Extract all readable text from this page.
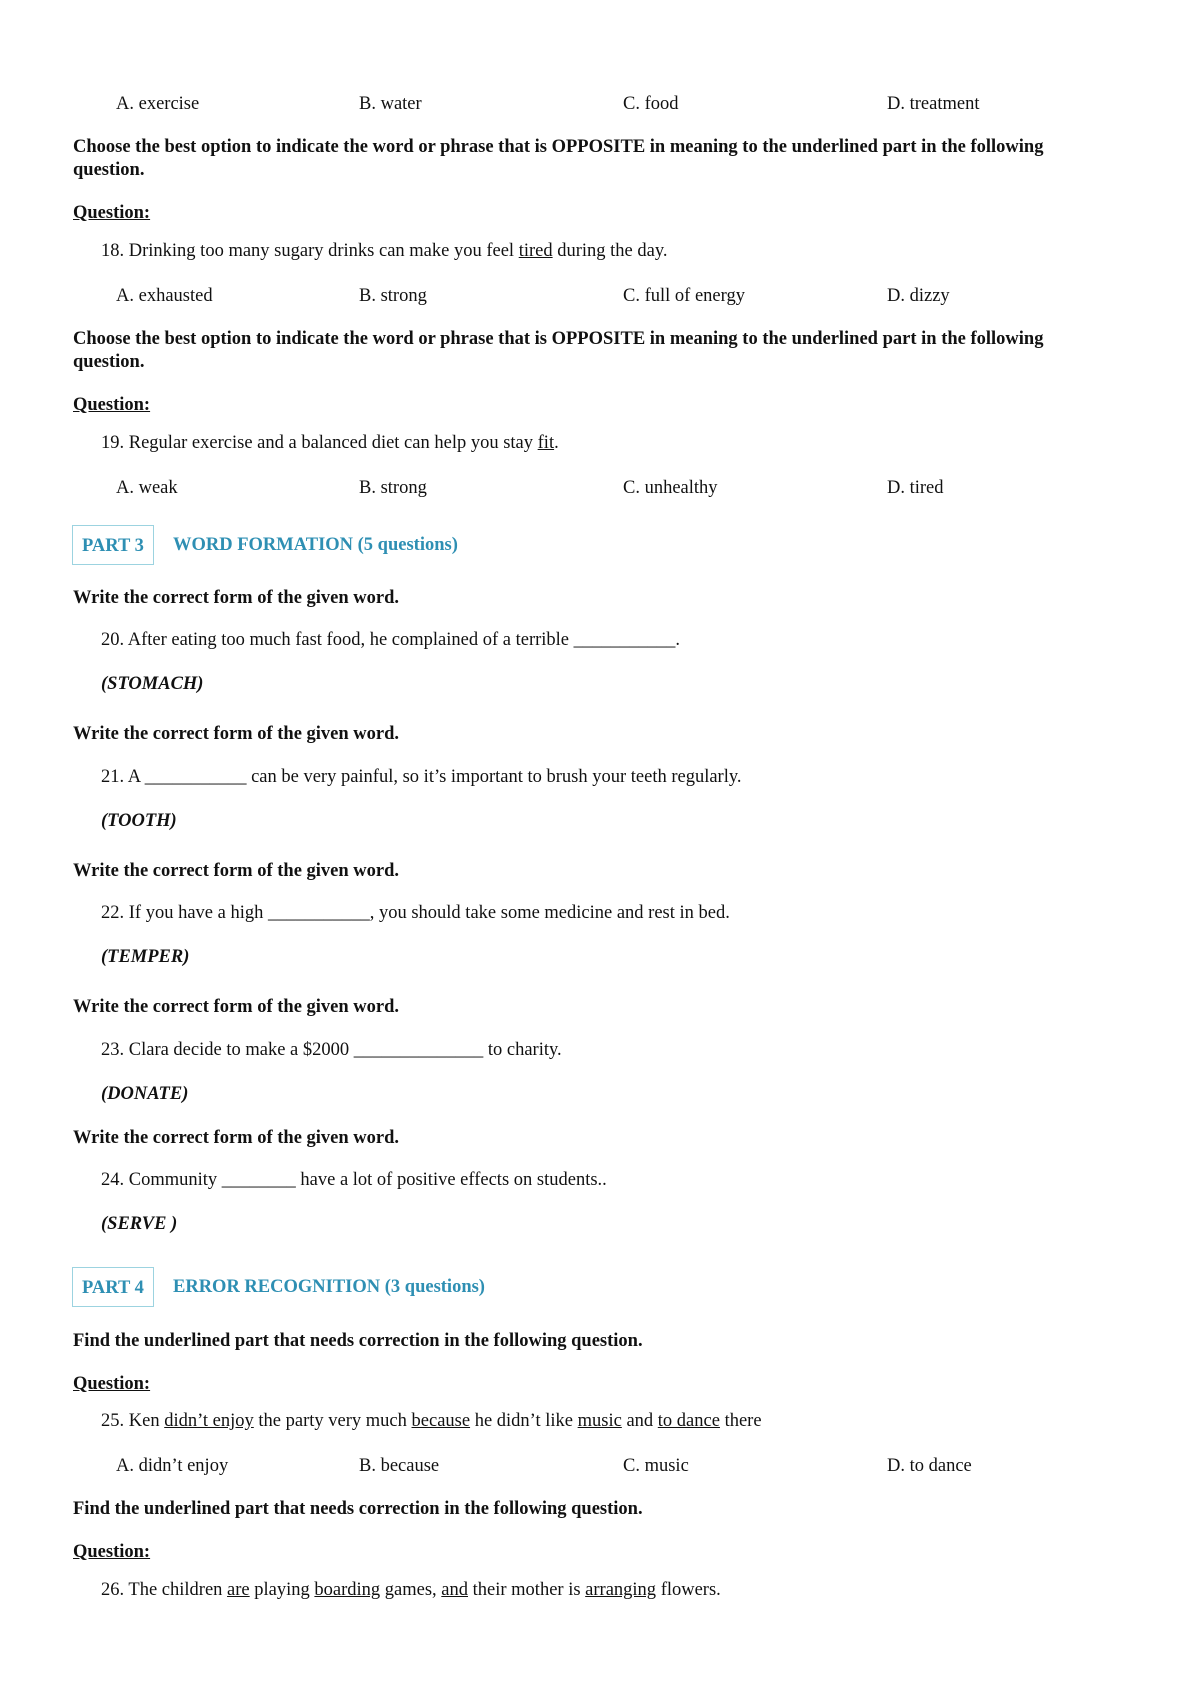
A. exercise	B. water	C. food	D. treatment
Choose the best option to indicate the word or phrase that is OPPOSITE in meaning to the underlined part in the following question.
Question:
18. Drinking too many sugary drinks can make you feel tired during the day.
A. exhausted	B. strong	C. full of energy	D. dizzy
Choose the best option to indicate the word or phrase that is OPPOSITE in meaning to the underlined part in the following question.
Question:
19. Regular exercise and a balanced diet can help you stay fit.
A. weak	B. strong	C. unhealthy	D. tired
PART 3	WORD FORMATION (5 questions)
Write the correct form of the given word.
20. After eating too much fast food, he complained of a terrible ___________.
(STOMACH)
Write the correct form of the given word.
21. A ___________ can be very painful, so it’s important to brush your teeth regularly.
(TOOTH)
Write the correct form of the given word.
22. If you have a high ___________, you should take some medicine and rest in bed.
(TEMPER)
Write the correct form of the given word.
23. Clara decide to make a $2000 ______________ to charity.
(DONATE)
Write the correct form of the given word.
24. Community ________ have a lot of positive effects on students..
(SERVE )
PART 4	ERROR RECOGNITION (3 questions)
Find the underlined part that needs correction in the following question.
Question:
25. Ken didn’t enjoy the party very much because he didn’t like music and to dance there
A. didn’t enjoy	B. because	C. music	D. to dance
Find the underlined part that needs correction in the following question.
Question:
26. The children are playing boarding games, and their mother is arranging flowers.
